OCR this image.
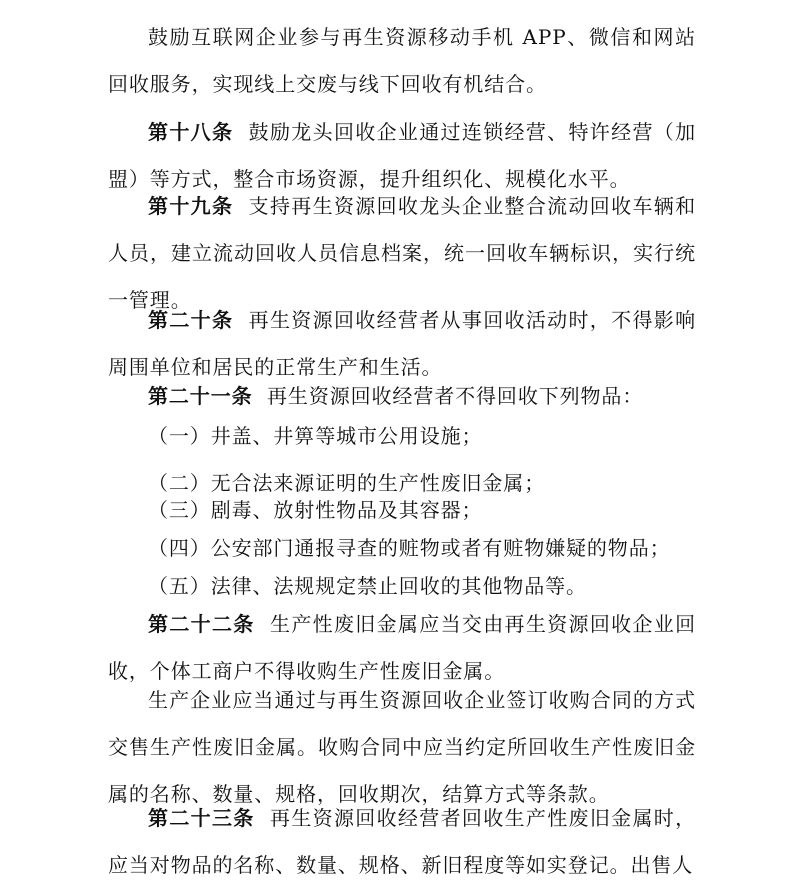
鼓励互联网企业参与再生资源移动手机 APP、微信和网站回收服务，实现线上交废与线下回收有机结合。

第十八条 鼓励龙头回收企业通过连锁经营、特许经营（加盟）等方式，整合市场资源，提升组织化、规模化水平。

第十九条 支持再生资源回收龙头企业整合流动回收车辆和人员，建立流动回收人员信息档案，统一回收车辆标识，实行统一管理。

第二十条 再生资源回收经营者从事回收活动时，不得影响周围单位和居民的正常生产和生活。

第二十一条 再生资源回收经营者不得回收下列物品：

（一）井盖、井箅等城市公用设施；

（二）无合法来源证明的生产性废旧金属；

（三）剧毒、放射性物品及其容器；

（四）公安部门通报寻查的赃物或者有赃物嫌疑的物品；

（五）法律、法规规定禁止回收的其他物品等。

第二十二条 生产性废旧金属应当交由再生资源回收企业回收，个体工商户不得收购生产性废旧金属。

生产企业应当通过与再生资源回收企业签订收购合同的方式交售生产性废旧金属。收购合同中应当约定所回收生产性废旧金属的名称、数量、规格，回收期次，结算方式等条款。

第二十三条 再生资源回收经营者回收生产性废旧金属时，应当对物品的名称、数量、规格、新旧程度等如实登记。出售人
